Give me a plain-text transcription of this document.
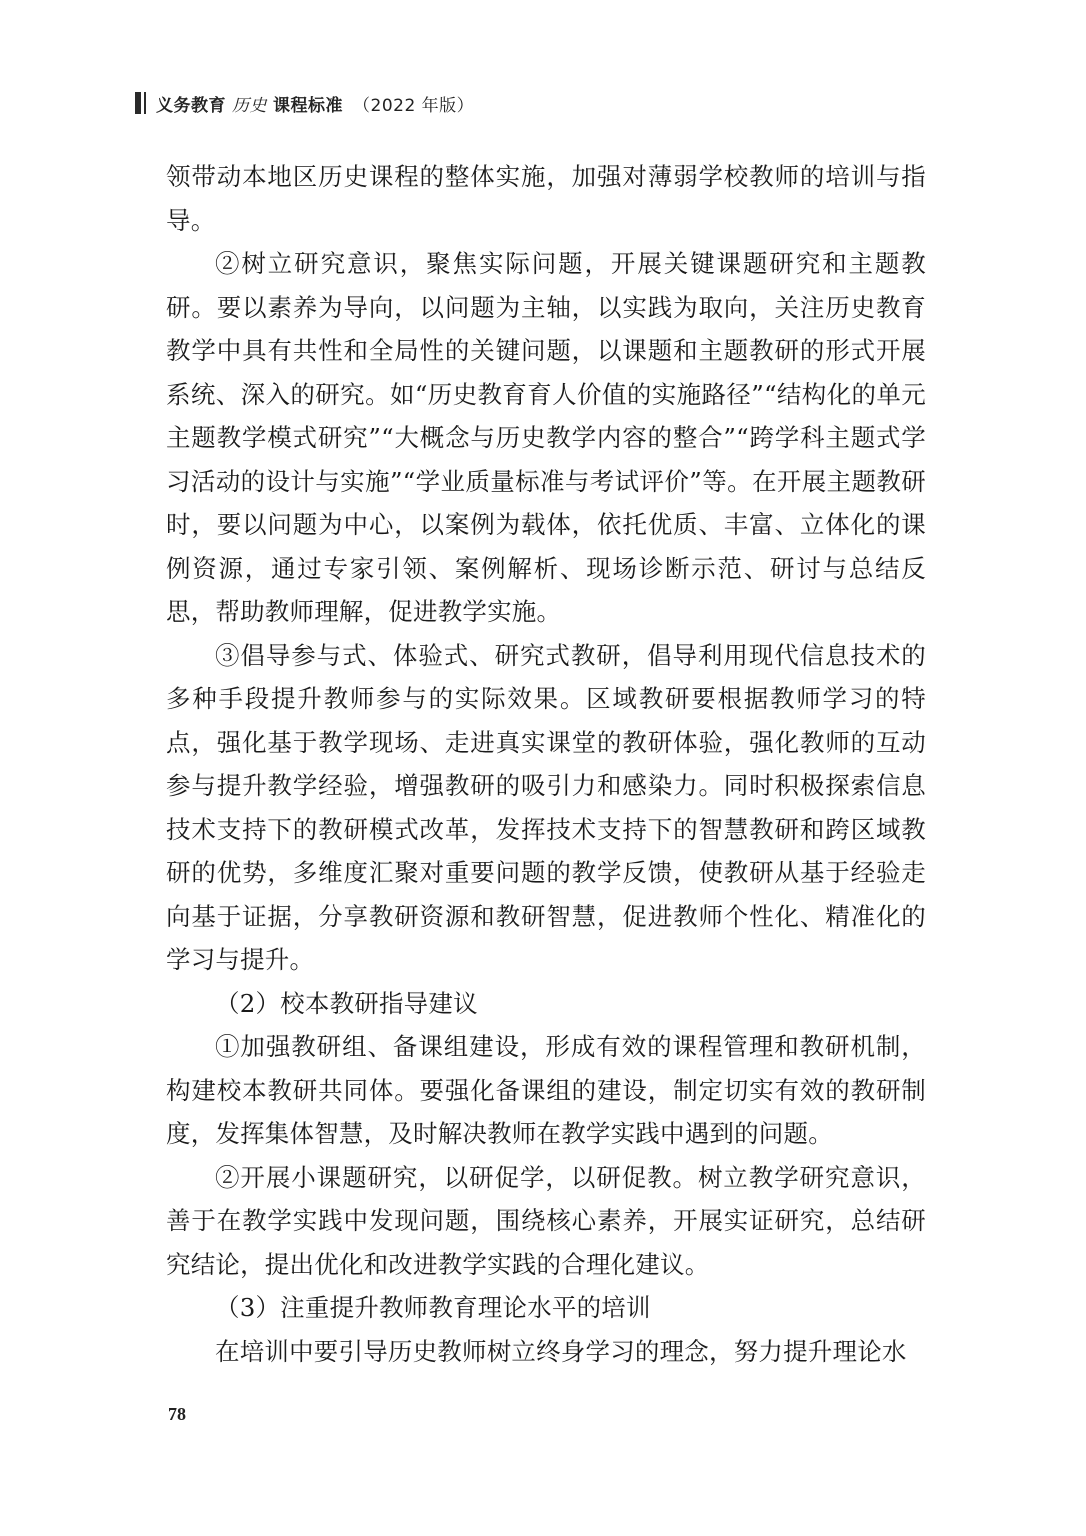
义务教育 历史 课程标准 （2022 年版）

领带动本地区历史课程的整体实施，加强对薄弱学校教师的培训与指导。

②树立研究意识，聚焦实际问题，开展关键课题研究和主题教研。要以素养为导向，以问题为主轴，以实践为取向，关注历史教育教学中具有共性和全局性的关键问题，以课题和主题教研的形式开展系统、深入的研究。如“历史教育育人价值的实施路径”“结构化的单元主题教学模式研究”“大概念与历史教学内容的整合”“跨学科主题式学习活动的设计与实施”“学业质量标准与考试评价”等。在开展主题教研时，要以问题为中心，以案例为载体，依托优质、丰富、立体化的课例资源，通过专家引领、案例解析、现场诊断示范、研讨与总结反思，帮助教师理解，促进教学实施。

③倡导参与式、体验式、研究式教研，倡导利用现代信息技术的多种手段提升教师参与的实际效果。区域教研要根据教师学习的特点，强化基于教学现场、走进真实课堂的教研体验，强化教师的互动参与提升教学经验，增强教研的吸引力和感染力。同时积极探索信息技术支持下的教研模式改革，发挥技术支持下的智慧教研和跨区域教研的优势，多维度汇聚对重要问题的教学反馈，使教研从基于经验走向基于证据，分享教研资源和教研智慧，促进教师个性化、精准化的学习与提升。

（2）校本教研指导建议

①加强教研组、备课组建设，形成有效的课程管理和教研机制，构建校本教研共同体。要强化备课组的建设，制定切实有效的教研制度，发挥集体智慧，及时解决教师在教学实践中遇到的问题。

②开展小课题研究，以研促学，以研促教。树立教学研究意识，善于在教学实践中发现问题，围绕核心素养，开展实证研究，总结研究结论，提出优化和改进教学实践的合理化建议。

（3）注重提升教师教育理论水平的培训

在培训中要引导历史教师树立终身学习的理念，努力提升理论水

78
